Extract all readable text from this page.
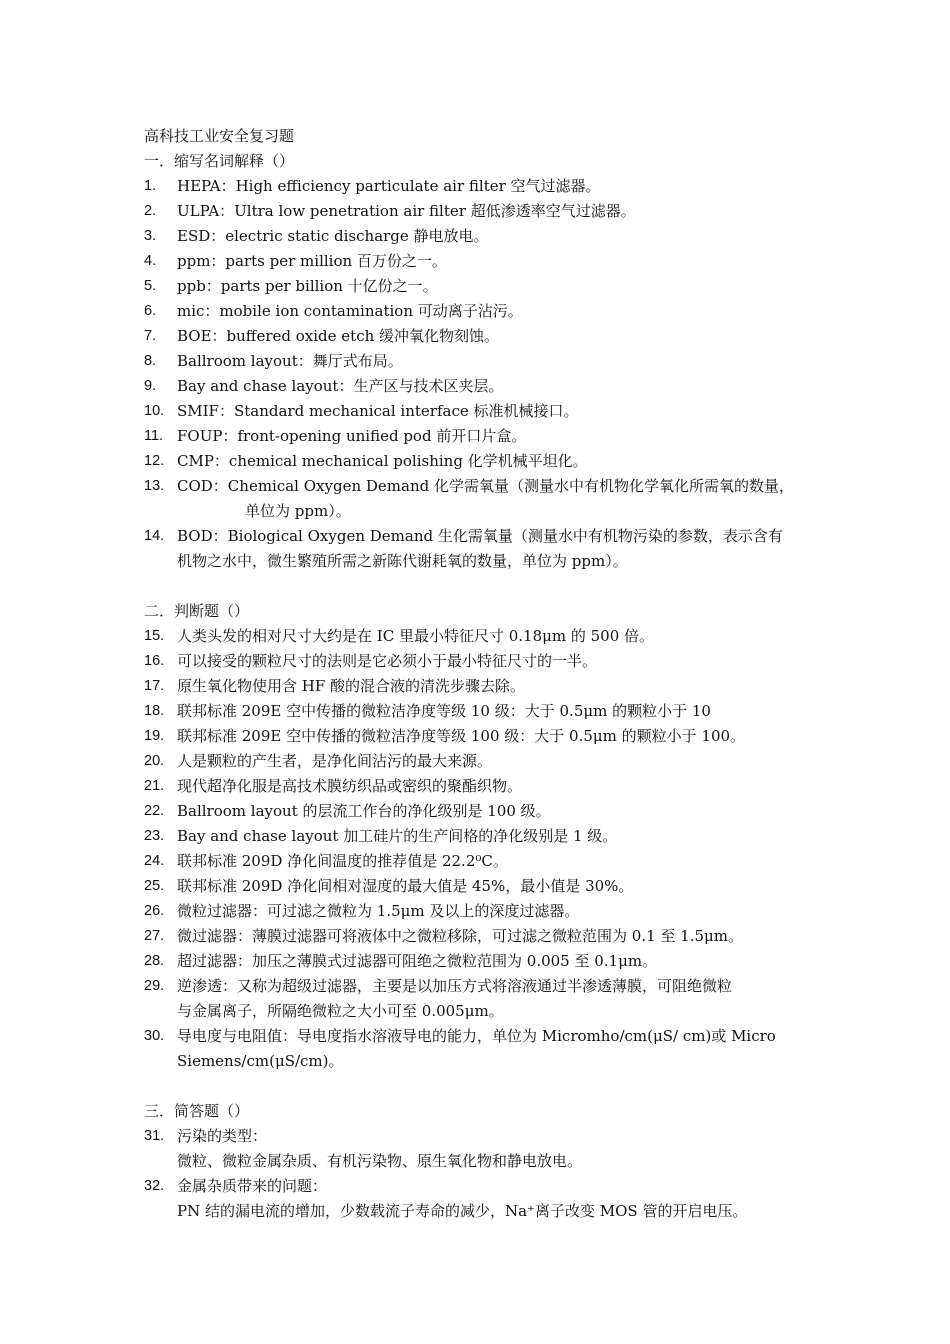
高科技工业安全复习题
一．缩写名词解释（）
1.	HEPA：High efficiency particulate air filter 空气过滤器。
2.	ULPA：Ultra low penetration air filter 超低渗透率空气过滤器。
3.	ESD：electric static discharge 静电放电。
4.	ppm：parts per million 百万份之一。
5.	ppb：parts per billion 十亿份之一。
6.	mic：mobile ion contamination 可动离子沾污。
7.	BOE：buffered oxide etch 缓冲氧化物刻蚀。
8.	Ballroom layout：舞厅式布局。
9.	Bay and chase layout：生产区与技术区夹层。
10. SMIF：Standard mechanical interface 标准机械接口。
11. FOUP：front-opening unified pod 前开口片盒。
12. CMP：chemical mechanical polishing 化学机械平坦化。
13. COD：Chemical Oxygen Demand 化学需氧量（测量水中有机物化学氧化所需氧的数量，
单位为 ppm）。
14. BOD：Biological Oxygen Demand 生化需氧量（测量水中有机物污染的参数，表示含有
机物之水中，微生繁殖所需之新陈代谢耗氧的数量，单位为 ppm）。
二．判断题（）
15. 人类头发的相对尺寸大约是在 IC 里最小特征尺寸 0.18μm 的 500 倍。
16. 可以接受的颗粒尺寸的法则是它必须小于最小特征尺寸的一半。
17. 原生氧化物使用含 HF 酸的混合液的清洗步骤去除。
18. 联邦标准 209E 空中传播的微粒洁净度等级 10 级：大于 0.5μm 的颗粒小于 10
19. 联邦标准 209E 空中传播的微粒洁净度等级 100 级：大于 0.5μm 的颗粒小于 100。
20. 人是颗粒的产生者，是净化间沾污的最大来源。
21. 现代超净化服是高技术膜纺织品或密织的聚酯织物。
22. Ballroom layout 的层流工作台的净化级别是 100 级。
23. Bay and chase layout 加工硅片的生产间格的净化级别是 1 级。
24. 联邦标准 209D 净化间温度的推荐值是 22.2⁰C。
25. 联邦标准 209D 净化间相对湿度的最大值是 45%，最小值是 30%。
26. 微粒过滤器：可过滤之微粒为 1.5μm 及以上的深度过滤器。
27. 微过滤器：薄膜过滤器可将液体中之微粒移除，可过滤之微粒范围为 0.1 至 1.5μm。
28. 超过滤器：加压之薄膜式过滤器可阻绝之微粒范围为 0.005 至 0.1μm。
29. 逆渗透：又称为超级过滤器，主要是以加压方式将溶液通过半渗透薄膜，可阻绝微粒
与金属离子，所隔绝微粒之大小可至 0.005μm。
30. 导电度与电阻值：导电度指水溶液导电的能力，单位为 Micromho/cm(μS/ cm)或 Micro
Siemens/cm(μS/cm)。
三．简答题（）
31. 污染的类型：
微粒、微粒金属杂质、有机污染物、原生氧化物和静电放电。
32. 金属杂质带来的问题：
PN 结的漏电流的增加，少数载流子寿命的减少，Na⁺离子改变 MOS 管的开启电压。
